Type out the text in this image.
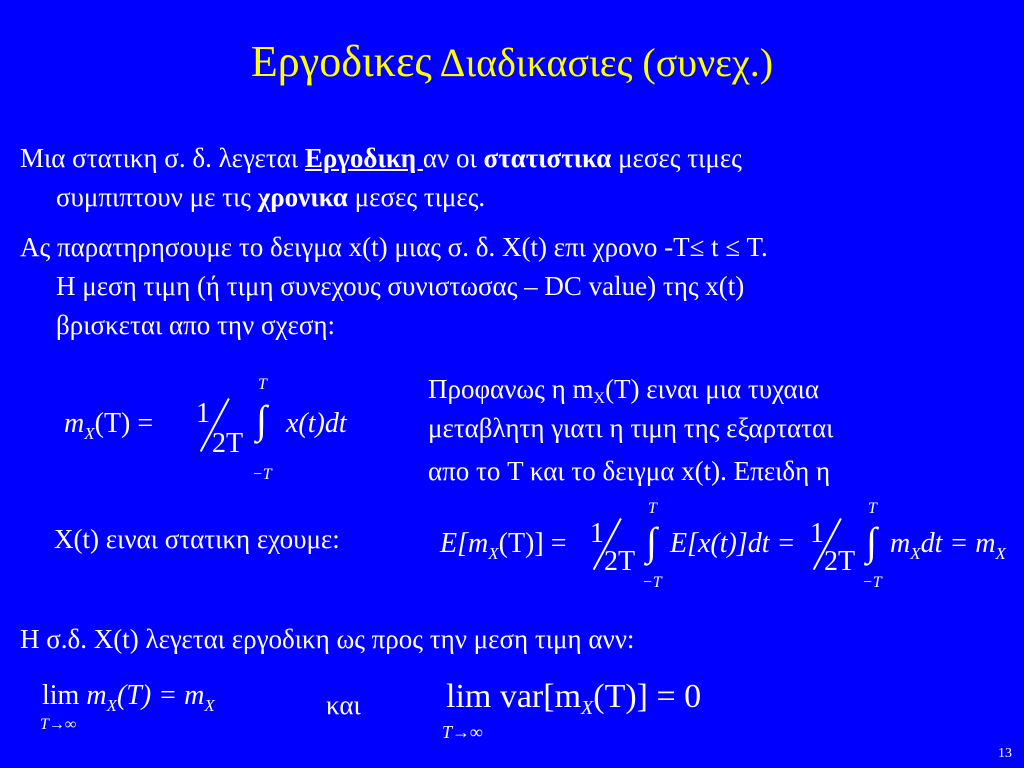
Εργοδικες Διαδικασιες (συνεχ.)
Μια στατικη σ. δ. λεγεται Εργοδικη αν οι στατιστικα μεσες τιμες
συμπιπτουν με τις χρονικα μεσες τιμες.
Ας παρατηρησουμε το δειγμα x(t) μιας σ. δ. X(t) επι χρονο -T≤ t ≤ T.
H μεση τιμη (ή τιμη συνεχους συνιστωσας – DC value) της x(t)
βρισκεται απο την σχεση:
$m_X(T) = 1$
2T
T
∫
−T
x(t)dt
Προφανως η mX(T) ειναι μια τυχαια
μεταβλητη γιατι η τιμη της εξαρταται
απο το T και το δειγμα x(t). Επειδη η
X(t) ειναι στατικη εχουμε:	$E[m_X(T)] = 1$
2T
T
∫
−T
E[x(t)]dt = 1
2T
T
∫
−T
$m_Xdt = m_X$
H σ.δ. X(t) λεγεται εργοδικη ως προς την μεση τιμη ανν:
$\lim m_X(T) = m_X$
T→∞
και	$\lim var[m_X(T)] = 0$
T→∞
13
